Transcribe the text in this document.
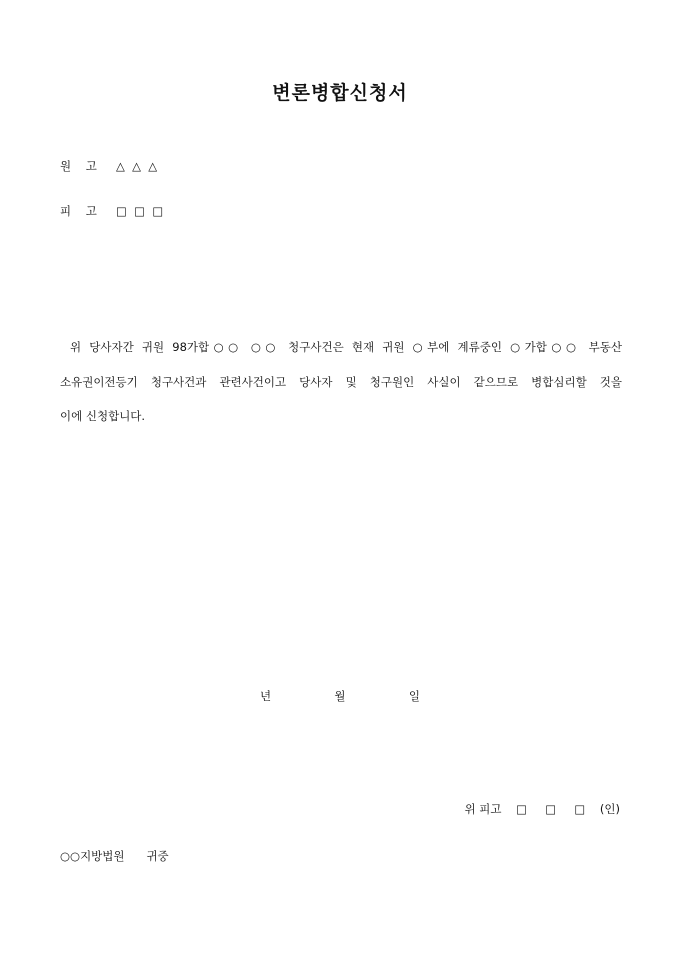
변론병합신청서
원    고 △  △  △
피    고 □  □  □
위 당사자간 귀원 98가합○○ ○○ 청구사건은 현재 귀원 ○부에 계류중인 ○가합○○ 부동산
소유권이전등기 청구사건과 관련사건이고 당사자 및 청구원인 사실이 같으므로 병합심리할 것을
이에 신청합니다.
년  월  일
위 피고    □     □     □    (인)
○○지방법원      귀중
